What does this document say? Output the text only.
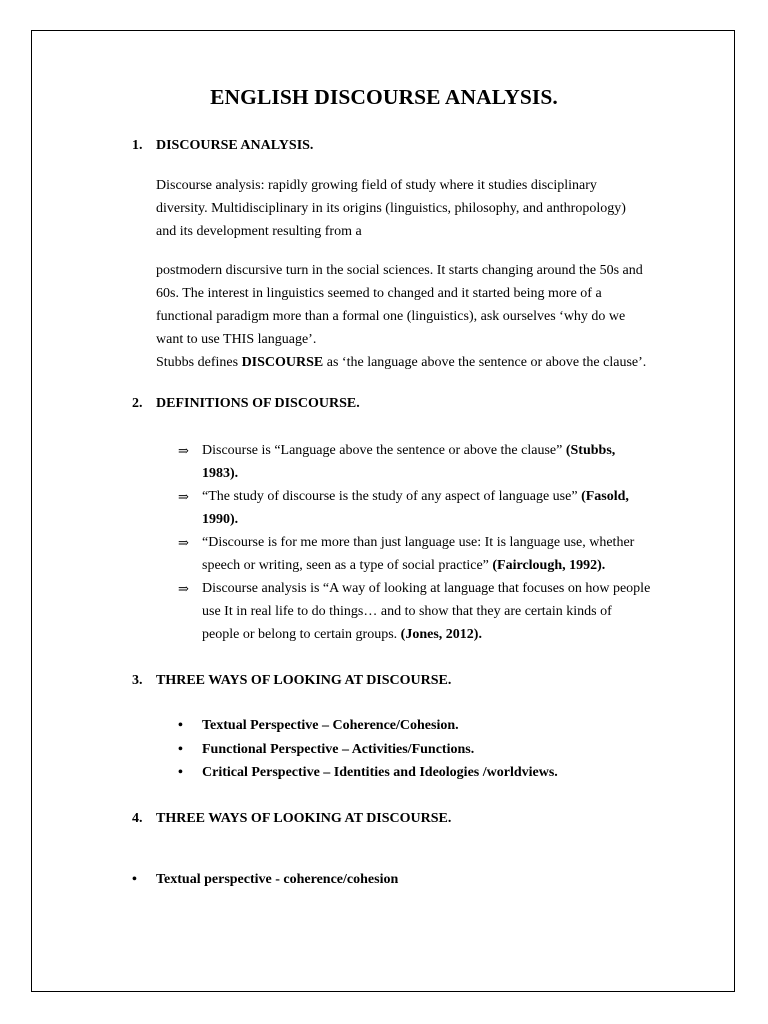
ENGLISH DISCOURSE ANALYSIS.
1. DISCOURSE ANALYSIS.
Discourse analysis: rapidly growing field of study where it studies disciplinary
diversity. Multidisciplinary in its origins (linguistics, philosophy, and anthropology)
and its development resulting from a
postmodern discursive turn in the social sciences. It starts changing around the 50s and
60s. The interest in linguistics seemed to changed and it started being more of a
functional paradigm more than a formal one (linguistics), ask ourselves ‘why do we
want to use THIS language’.
Stubbs defines DISCOURSE as ‘the language above the sentence or above the clause’.
2. DEFINITIONS OF DISCOURSE.
⇒ Discourse is “Language above the sentence or above the clause” (Stubbs,
1983).
⇒ “The study of discourse is the study of any aspect of language use” (Fasold,
1990).
⇒ “Discourse is for me more than just language use: It is language use, whether
speech or writing, seen as a type of social practice” (Fairclough, 1992).
⇒ Discourse analysis is “A way of looking at language that focuses on how people
use It in real life to do things… and to show that they are certain kinds of
people or belong to certain groups. (Jones, 2012).
3. THREE WAYS OF LOOKING AT DISCOURSE.
• Textual Perspective – Coherence/Cohesion.
• Functional Perspective – Activities/Functions.
• Critical Perspective – Identities and Ideologies /worldviews.
4. THREE WAYS OF LOOKING AT DISCOURSE.
• Textual perspective - coherence/cohesion
